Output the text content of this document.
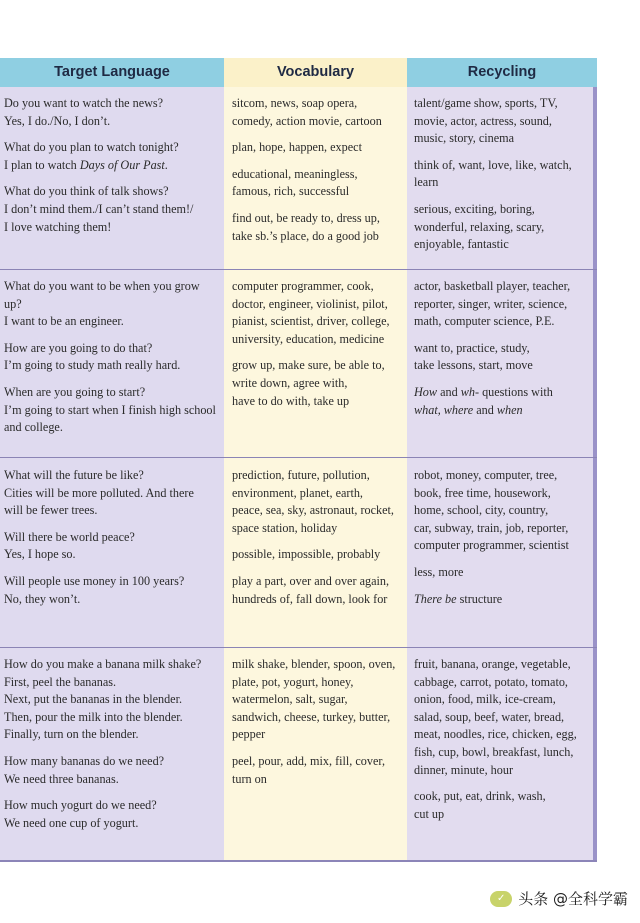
Target Language	Vocabulary	Recycling

Do you want to watch the news?
Yes, I do./No, I don’t.

What do you plan to watch tonight?
I plan to watch Days of Our Past.

What do you think of talk shows?
I don’t mind them./I can’t stand them!/
I love watching them!

sitcom, news, soap opera,
comedy, action movie, cartoon

plan, hope, happen, expect

educational, meaningless,
famous, rich, successful

find out, be ready to, dress up,
take sb.’s place, do a good job

talent/game show, sports, TV,
movie, actor, actress, sound,
music, story, cinema

think of, want, love, like, watch,
learn

serious, exciting, boring,
wonderful, relaxing, scary,
enjoyable, fantastic

What do you want to be when you grow
up?
I want to be an engineer.

How are you going to do that?
I’m going to study math really hard.

When are you going to start?
I’m going to start when I finish high school
and college.

computer programmer, cook,
doctor, engineer, violinist, pilot,
pianist, scientist, driver, college,
university, education, medicine

grow up, make sure, be able to,
write down, agree with,
have to do with, take up

actor, basketball player, teacher,
reporter, singer, writer, science,
math, computer science, P.E.

want to, practice, study,
take lessons, start, move

How and wh- questions with
what, where and when

What will the future be like?
Cities will be more polluted. And there
will be fewer trees.

Will there be world peace?
Yes, I hope so.

Will people use money in 100 years?
No, they won’t.

prediction, future, pollution,
environment, planet, earth,
peace, sea, sky, astronaut, rocket,
space station, holiday

possible, impossible, probably

play a part, over and over again,
hundreds of, fall down, look for

robot, money, computer, tree,
book, free time, housework,
home, school, city, country,
car, subway, train, job, reporter,
computer programmer, scientist

less, more

There be structure

How do you make a banana milk shake?
First, peel the bananas.
Next, put the bananas in the blender.
Then, pour the milk into the blender.
Finally, turn on the blender.

How many bananas do we need?
We need three bananas.

How much yogurt do we need?
We need one cup of yogurt.

milk shake, blender, spoon, oven,
plate, pot, yogurt, honey,
watermelon, salt, sugar,
sandwich, cheese, turkey, butter,
pepper

peel, pour, add, mix, fill, cover,
turn on

fruit, banana, orange, vegetable,
cabbage, carrot, potato, tomato,
onion, food, milk, ice-cream,
salad, soup, beef, water, bread,
meat, noodles, rice, chicken, egg,
fish, cup, bowl, breakfast, lunch,
dinner, minute, hour

cook, put, eat, drink, wash,
cut up

✓ 头条 @全科学霸
